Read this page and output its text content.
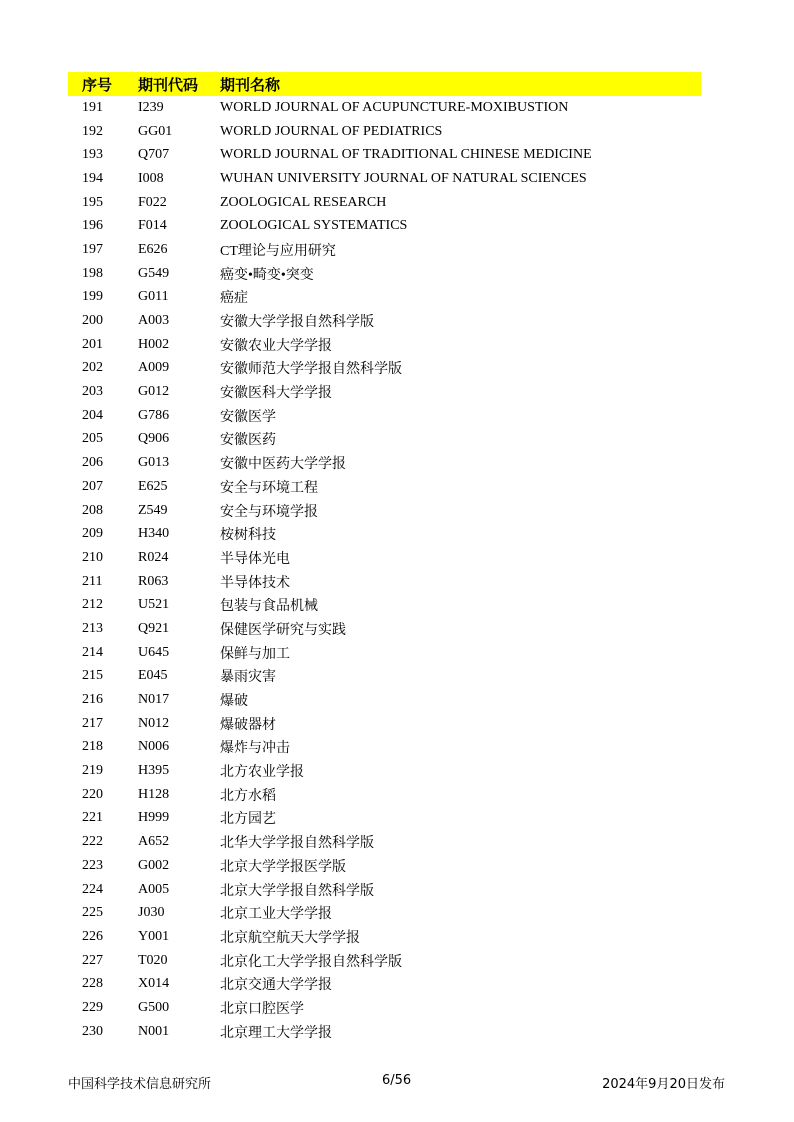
序号	期刊代码	期刊名称
191	I239	WORLD JOURNAL OF ACUPUNCTURE-MOXIBUSTION
192	GG01	WORLD JOURNAL OF PEDIATRICS
193	Q707	WORLD JOURNAL OF TRADITIONAL CHINESE MEDICINE
194	I008	WUHAN UNIVERSITY JOURNAL OF NATURAL SCIENCES
195	F022	ZOOLOGICAL RESEARCH
196	F014	ZOOLOGICAL SYSTEMATICS
197	E626	CT理论与应用研究
198	G549	癌变•畸变•突变
199	G011	癌症
200	A003	安徽大学学报自然科学版
201	H002	安徽农业大学学报
202	A009	安徽师范大学学报自然科学版
203	G012	安徽医科大学学报
204	G786	安徽医学
205	Q906	安徽医药
206	G013	安徽中医药大学学报
207	E625	安全与环境工程
208	Z549	安全与环境学报
209	H340	桉树科技
210	R024	半导体光电
211	R063	半导体技术
212	U521	包装与食品机械
213	Q921	保健医学研究与实践
214	U645	保鲜与加工
215	E045	暴雨灾害
216	N017	爆破
217	N012	爆破器材
218	N006	爆炸与冲击
219	H395	北方农业学报
220	H128	北方水稻
221	H999	北方园艺
222	A652	北华大学学报自然科学版
223	G002	北京大学学报医学版
224	A005	北京大学学报自然科学版
225	J030	北京工业大学学报
226	Y001	北京航空航天大学学报
227	T020	北京化工大学学报自然科学版
228	X014	北京交通大学学报
229	G500	北京口腔医学
230	N001	北京理工大学学报
中国科学技术信息研究所	6/56	2024年9月20日发布
